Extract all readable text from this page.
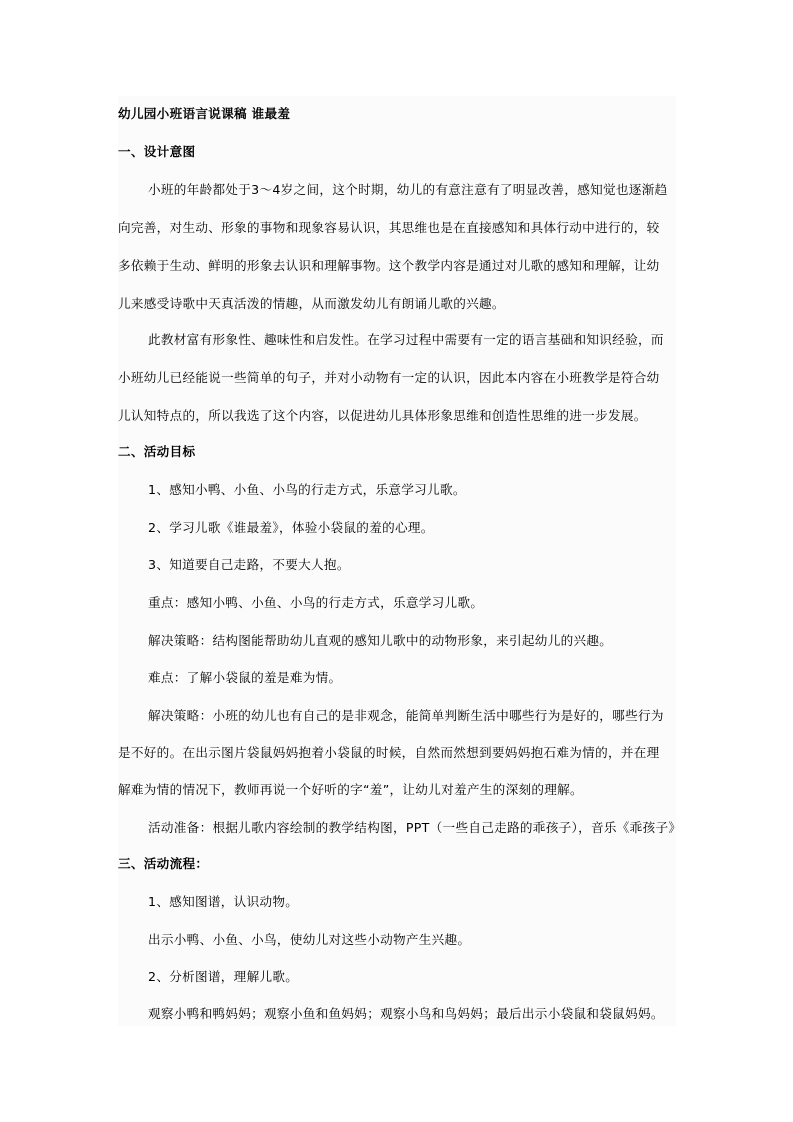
幼儿园小班语言说课稿 谁最羞
一、设计意图
小班的年龄都处于3～4岁之间，这个时期，幼儿的有意注意有了明显改善，感知觉也逐渐趋
向完善，对生动、形象的事物和现象容易认识，其思维也是在直接感知和具体行动中进行的，较
多依赖于生动、鲜明的形象去认识和理解事物。这个教学内容是通过对儿歌的感知和理解，让幼
儿来感受诗歌中天真活泼的情趣，从而激发幼儿有朗诵儿歌的兴趣。
此教材富有形象性、趣味性和启发性。在学习过程中需要有一定的语言基础和知识经验，而
小班幼儿已经能说一些简单的句子，并对小动物有一定的认识，因此本内容在小班教学是符合幼
儿认知特点的，所以我选了这个内容，以促进幼儿具体形象思维和创造性思维的进一步发展。
二、活动目标
1、感知小鸭、小鱼、小鸟的行走方式，乐意学习儿歌。
2、学习儿歌《谁最羞》，体验小袋鼠的羞的心理。
3、知道要自己走路，不要大人抱。
重点：感知小鸭、小鱼、小鸟的行走方式，乐意学习儿歌。
解决策略：结构图能帮助幼儿直观的感知儿歌中的动物形象，来引起幼儿的兴趣。
难点：了解小袋鼠的羞是难为情。
解决策略：小班的幼儿也有自己的是非观念，能简单判断生活中哪些行为是好的，哪些行为
是不好的。在出示图片袋鼠妈妈抱着小袋鼠的时候，自然而然想到要妈妈抱石难为情的，并在理
解难为情的情况下，教师再说一个好听的字“羞”，让幼儿对羞产生的深刻的理解。
活动准备：根据儿歌内容绘制的教学结构图，PPT（一些自己走路的乖孩子），音乐《乖孩子》
三、活动流程：
1、感知图谱，认识动物。
出示小鸭、小鱼、小鸟，使幼儿对这些小动物产生兴趣。
2、分析图谱，理解儿歌。
观察小鸭和鸭妈妈；观察小鱼和鱼妈妈；观察小鸟和鸟妈妈；最后出示小袋鼠和袋鼠妈妈。
